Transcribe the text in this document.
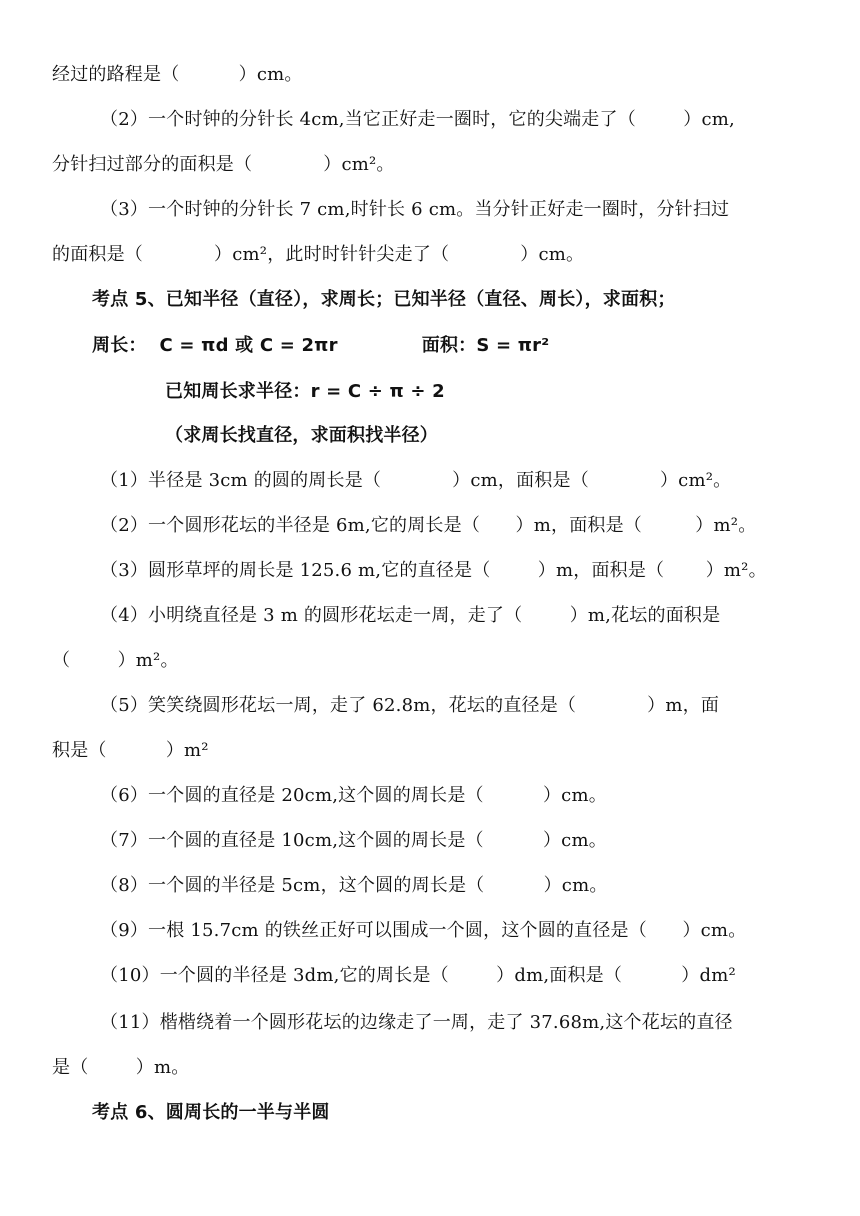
经过的路程是（          ）cm。
（2）一个时钟的分针长 4cm,当它正好走一圈时，它的尖端走了（        ）cm,
分针扫过部分的面积是（            ）cm²。
（3）一个时钟的分针长 7 cm,时针长 6 cm。当分针正好走一圈时，分针扫过
的面积是（            ）cm²，此时时针针尖走了（            ）cm。
考点 5、已知半径（直径），求周长；已知半径（直径、周长），求面积；
周长：  C = πd 或 C = 2πr             面积：S = πr²
已知周长求半径：r = C ÷ π ÷ 2
（求周长找直径，求面积找半径）
（1）半径是 3cm 的圆的周长是（            ）cm，面积是（            ）cm²。
（2）一个圆形花坛的半径是 6m,它的周长是（      ）m，面积是（         ）m²。
（3）圆形草坪的周长是 125.6 m,它的直径是（        ）m，面积是（       ）m²。
（4）小明绕直径是 3 m 的圆形花坛走一周，走了（        ）m,花坛的面积是
（        ）m²。
（5）笑笑绕圆形花坛一周，走了 62.8m，花坛的直径是（            ）m，面
积是（          ）m²
（6）一个圆的直径是 20cm,这个圆的周长是（          ）cm。
（7）一个圆的直径是 10cm,这个圆的周长是（          ）cm。
（8）一个圆的半径是 5cm，这个圆的周长是（          ）cm。
（9）一根 15.7cm 的铁丝正好可以围成一个圆，这个圆的直径是（      ）cm。
（10）一个圆的半径是 3dm,它的周长是（        ）dm,面积是（          ）dm²
（11）楷楷绕着一个圆形花坛的边缘走了一周，走了 37.68m,这个花坛的直径
是（        ）m。
考点 6、圆周长的一半与半圆
